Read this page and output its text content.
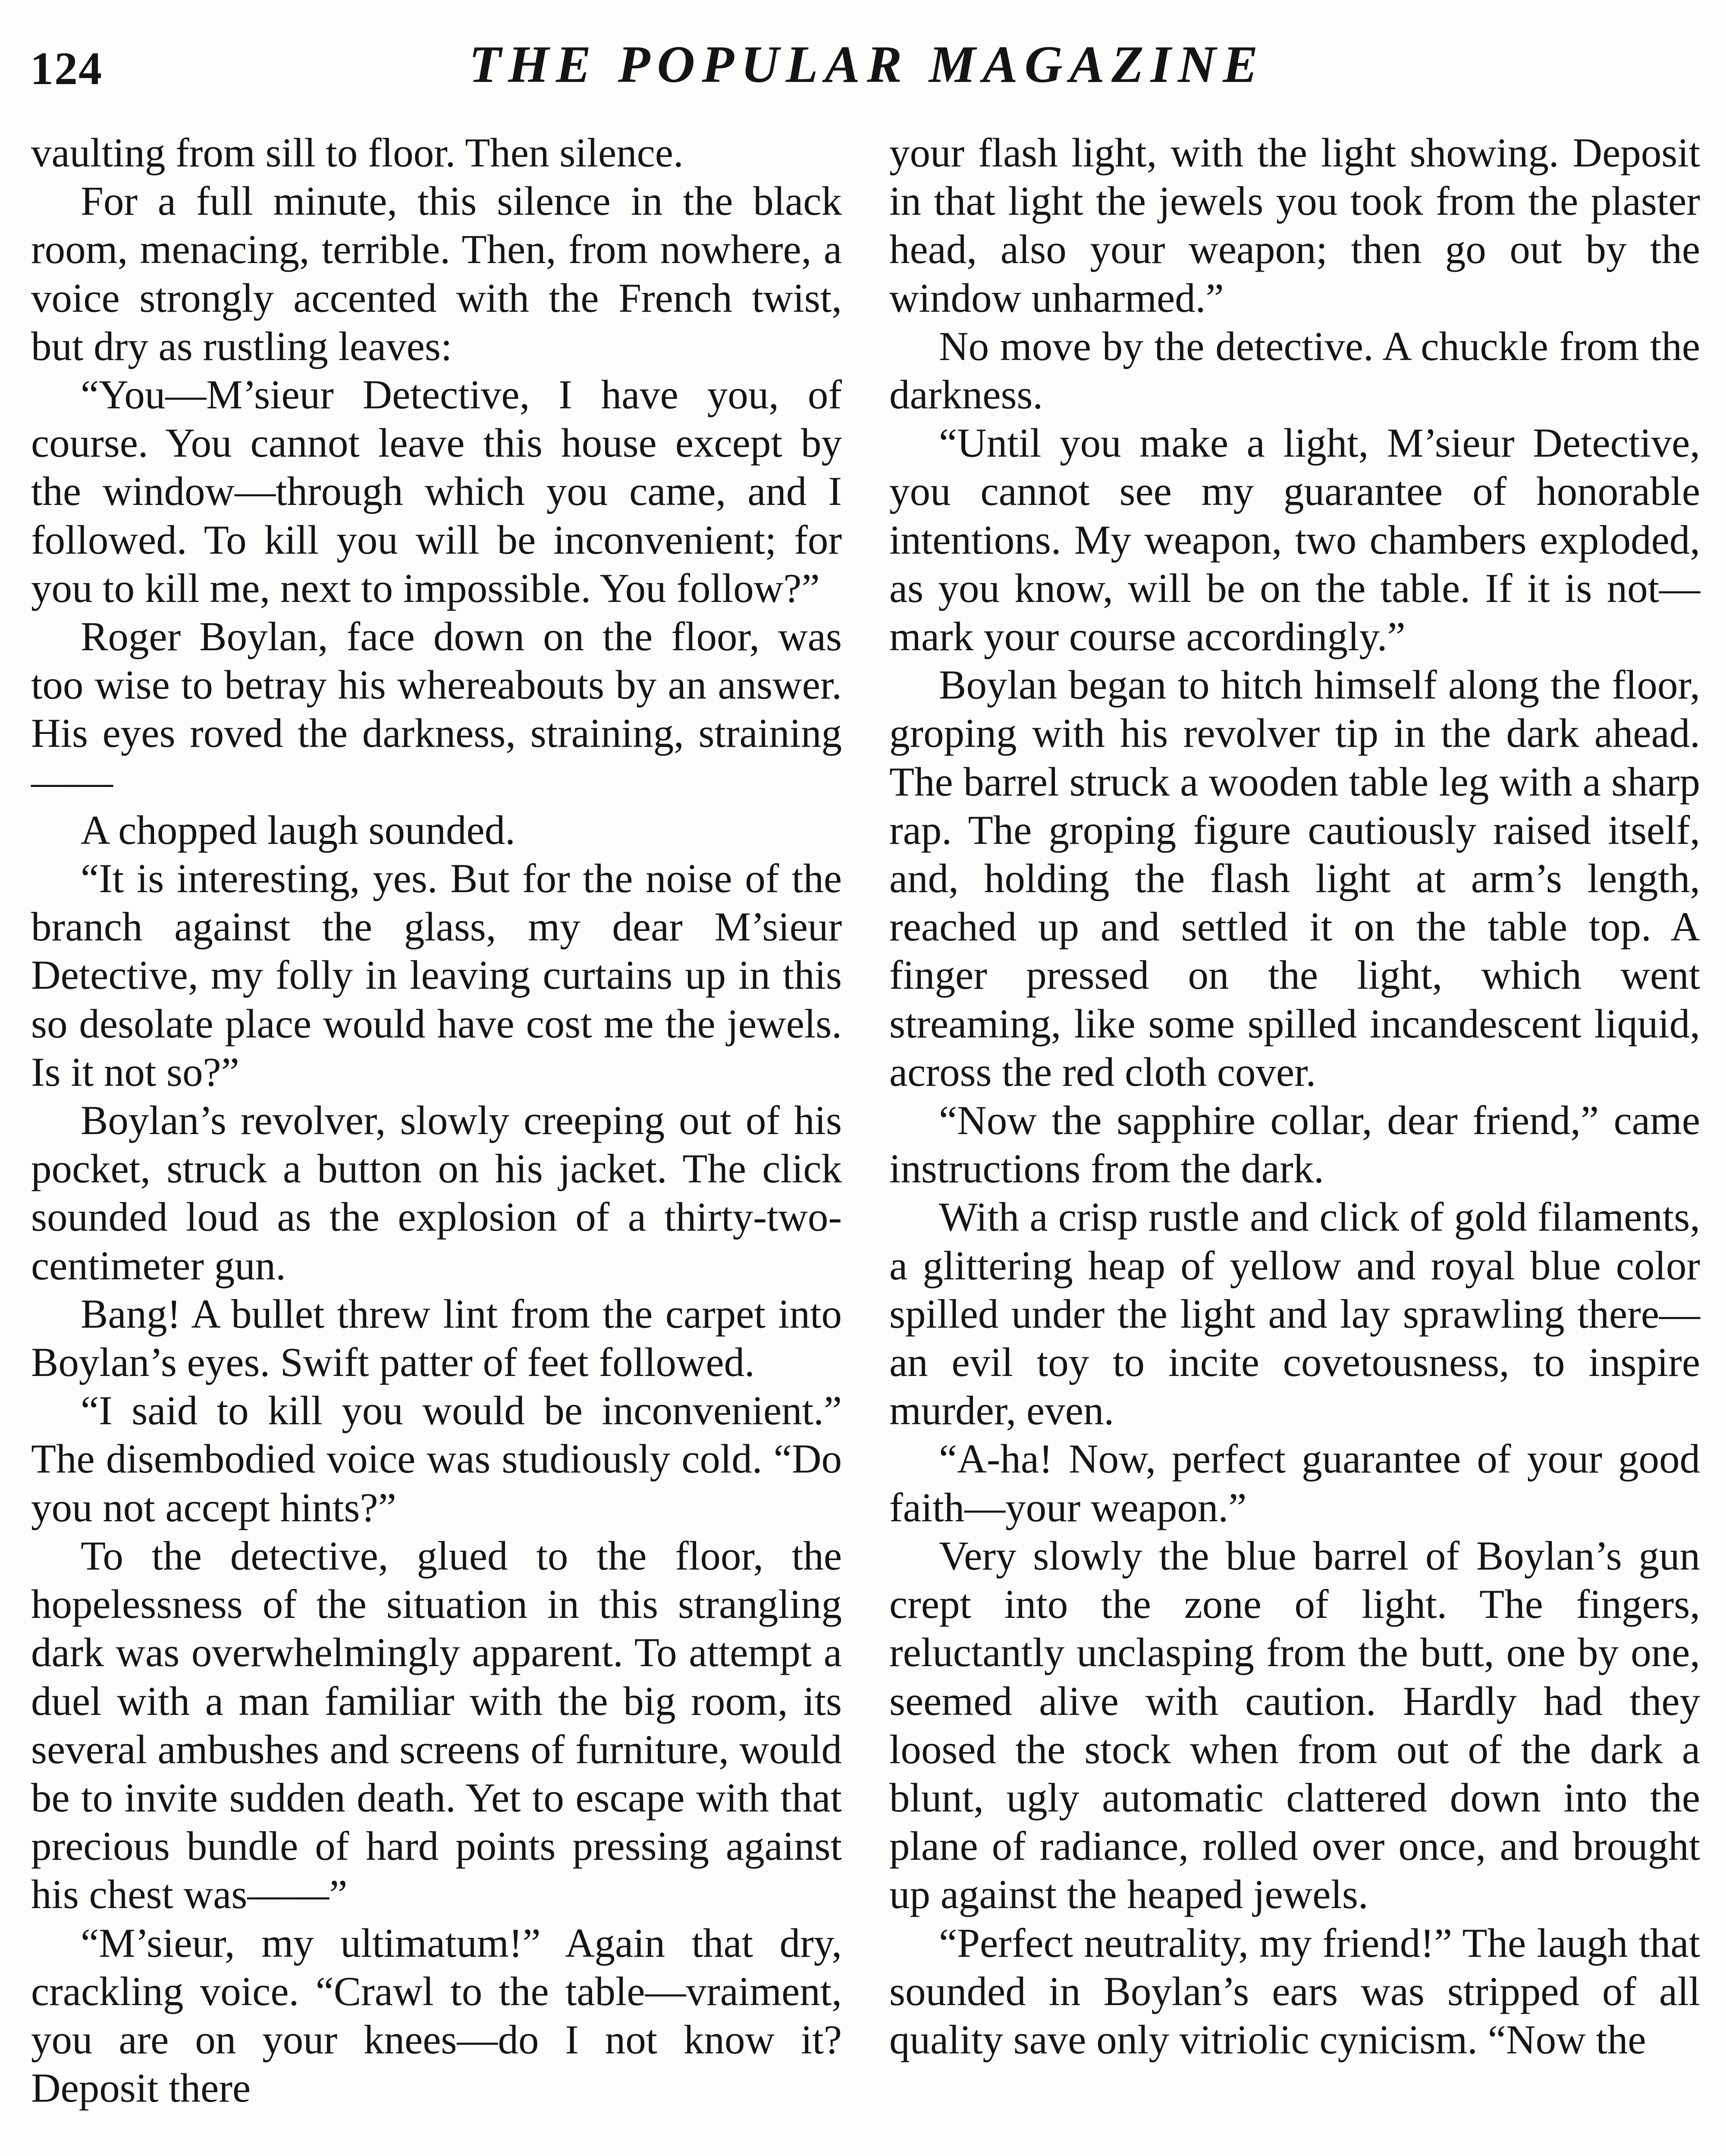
124	THE POPULAR MAGAZINE

vaulting from sill to floor. Then silence.

For a full minute, this silence in the black room, menacing, terrible. Then, from nowhere, a voice strongly accented with the French twist, but dry as rustling leaves:

“You—M’sieur Detective, I have you, of course. You cannot leave this house except by the window—through which you came, and I followed. To kill you will be inconvenient; for you to kill me, next to impossible. You follow?”

Roger Boylan, face down on the floor, was too wise to betray his whereabouts by an answer. His eyes roved the darkness, straining, straining——

A chopped laugh sounded.

“It is interesting, yes. But for the noise of the branch against the glass, my dear M’sieur Detective, my folly in leaving curtains up in this so desolate place would have cost me the jewels. Is it not so?”

Boylan’s revolver, slowly creeping out of his pocket, struck a button on his jacket. The click sounded loud as the explosion of a thirty-two-centimeter gun.

Bang! A bullet threw lint from the carpet into Boylan’s eyes. Swift patter of feet followed.

“I said to kill you would be inconvenient.” The disembodied voice was studiously cold. “Do you not accept hints?”

To the detective, glued to the floor, the hopelessness of the situation in this strangling dark was overwhelmingly apparent. To attempt a duel with a man familiar with the big room, its several ambushes and screens of furniture, would be to invite sudden death. Yet to escape with that precious bundle of hard points pressing against his chest was——”

“M’sieur, my ultimatum!” Again that dry, crackling voice. “Crawl to the table—vraiment, you are on your knees—do I not know it? Deposit there

your flash light, with the light showing. Deposit in that light the jewels you took from the plaster head, also your weapon; then go out by the window unharmed.”

No move by the detective. A chuckle from the darkness.

“Until you make a light, M’sieur Detective, you cannot see my guarantee of honorable intentions. My weapon, two chambers exploded, as you know, will be on the table. If it is not—mark your course accordingly.”

Boylan began to hitch himself along the floor, groping with his revolver tip in the dark ahead. The barrel struck a wooden table leg with a sharp rap. The groping figure cautiously raised itself, and, holding the flash light at arm’s length, reached up and settled it on the table top. A finger pressed on the light, which went streaming, like some spilled incandescent liquid, across the red cloth cover.

“Now the sapphire collar, dear friend,” came instructions from the dark.

With a crisp rustle and click of gold filaments, a glittering heap of yellow and royal blue color spilled under the light and lay sprawling there—an evil toy to incite covetousness, to inspire murder, even.

“A-ha! Now, perfect guarantee of your good faith—your weapon.”

Very slowly the blue barrel of Boylan’s gun crept into the zone of light. The fingers, reluctantly unclasping from the butt, one by one, seemed alive with caution. Hardly had they loosed the stock when from out of the dark a blunt, ugly automatic clattered down into the plane of radiance, rolled over once, and brought up against the heaped jewels.

“Perfect neutrality, my friend!” The laugh that sounded in Boylan’s ears was stripped of all quality save only vitriolic cynicism. “Now the
